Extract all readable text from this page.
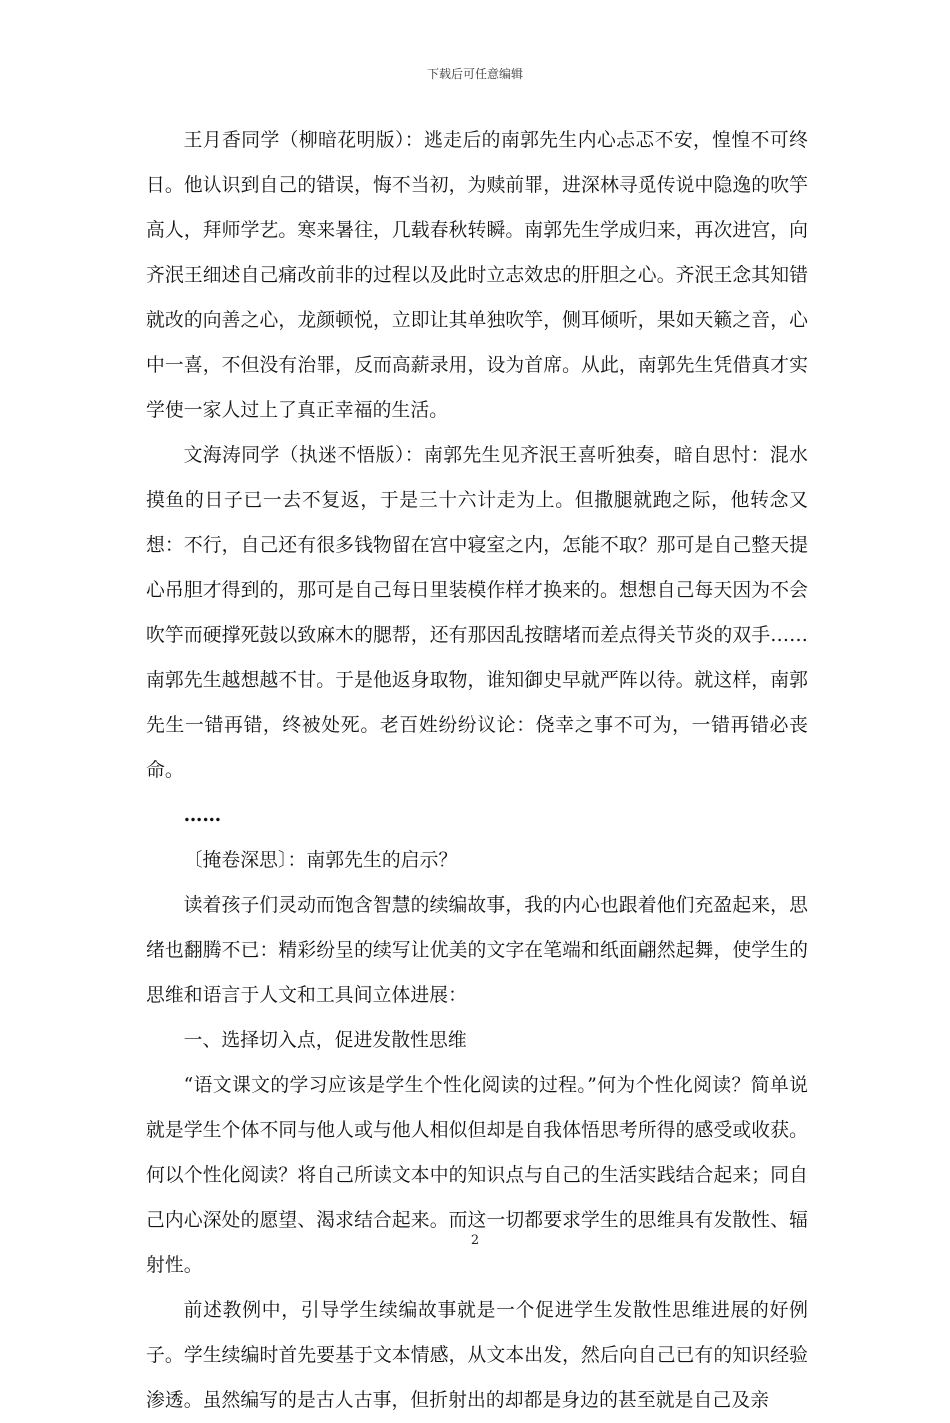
下载后可任意编辑

王月香同学（柳暗花明版）：逃走后的南郭先生内心忐忑不安，惶惶不可终日。他认识到自己的错误，悔不当初，为赎前罪，进深林寻觅传说中隐逸的吹竽高人，拜师学艺。寒来暑往，几载春秋转瞬。南郭先生学成归来，再次进宫，向齐泯王细述自己痛改前非的过程以及此时立志效忠的肝胆之心。齐泯王念其知错就改的向善之心，龙颜顿悦，立即让其单独吹竽，侧耳倾听，果如天籁之音，心中一喜，不但没有治罪，反而高薪录用，设为首席。从此，南郭先生凭借真才实学使一家人过上了真正幸福的生活。

文海涛同学（执迷不悟版）：南郭先生见齐泯王喜听独奏，暗自思忖：混水摸鱼的日子已一去不复返，于是三十六计走为上。但撒腿就跑之际，他转念又想：不行，自己还有很多钱物留在宫中寝室之内，怎能不取？那可是自己整天提心吊胆才得到的，那可是自己每日里装模作样才换来的。想想自己每天因为不会吹竽而硬撑死鼓以致麻木的腮帮，还有那因乱按瞎堵而差点得关节炎的双手……南郭先生越想越不甘。于是他返身取物，谁知御史早就严阵以待。就这样，南郭先生一错再错，终被处死。老百姓纷纷议论：侥幸之事不可为，一错再错必丧命。

……

〔掩卷深思〕：南郭先生的启示？

读着孩子们灵动而饱含智慧的续编故事，我的内心也跟着他们充盈起来，思绪也翻腾不已：精彩纷呈的续写让优美的文字在笔端和纸面翩然起舞，使学生的思维和语言于人文和工具间立体进展：

一、选择切入点，促进发散性思维

“语文课文的学习应该是学生个性化阅读的过程。”何为个性化阅读？简单说就是学生个体不同与他人或与他人相似但却是自我体悟思考所得的感受或收获。何以个性化阅读？将自己所读文本中的知识点与自己的生活实践结合起来；同自己内心深处的愿望、渴求结合起来。而这一切都要求学生的思维具有发散性、辐射性。

前述教例中，引导学生续编故事就是一个促进学生发散性思维进展的好例子。学生续编时首先要基于文本情感，从文本出发，然后向自己已有的知识经验渗透。虽然编写的是古人古事，但折射出的却都是身边的甚至就是自己及亲

2
